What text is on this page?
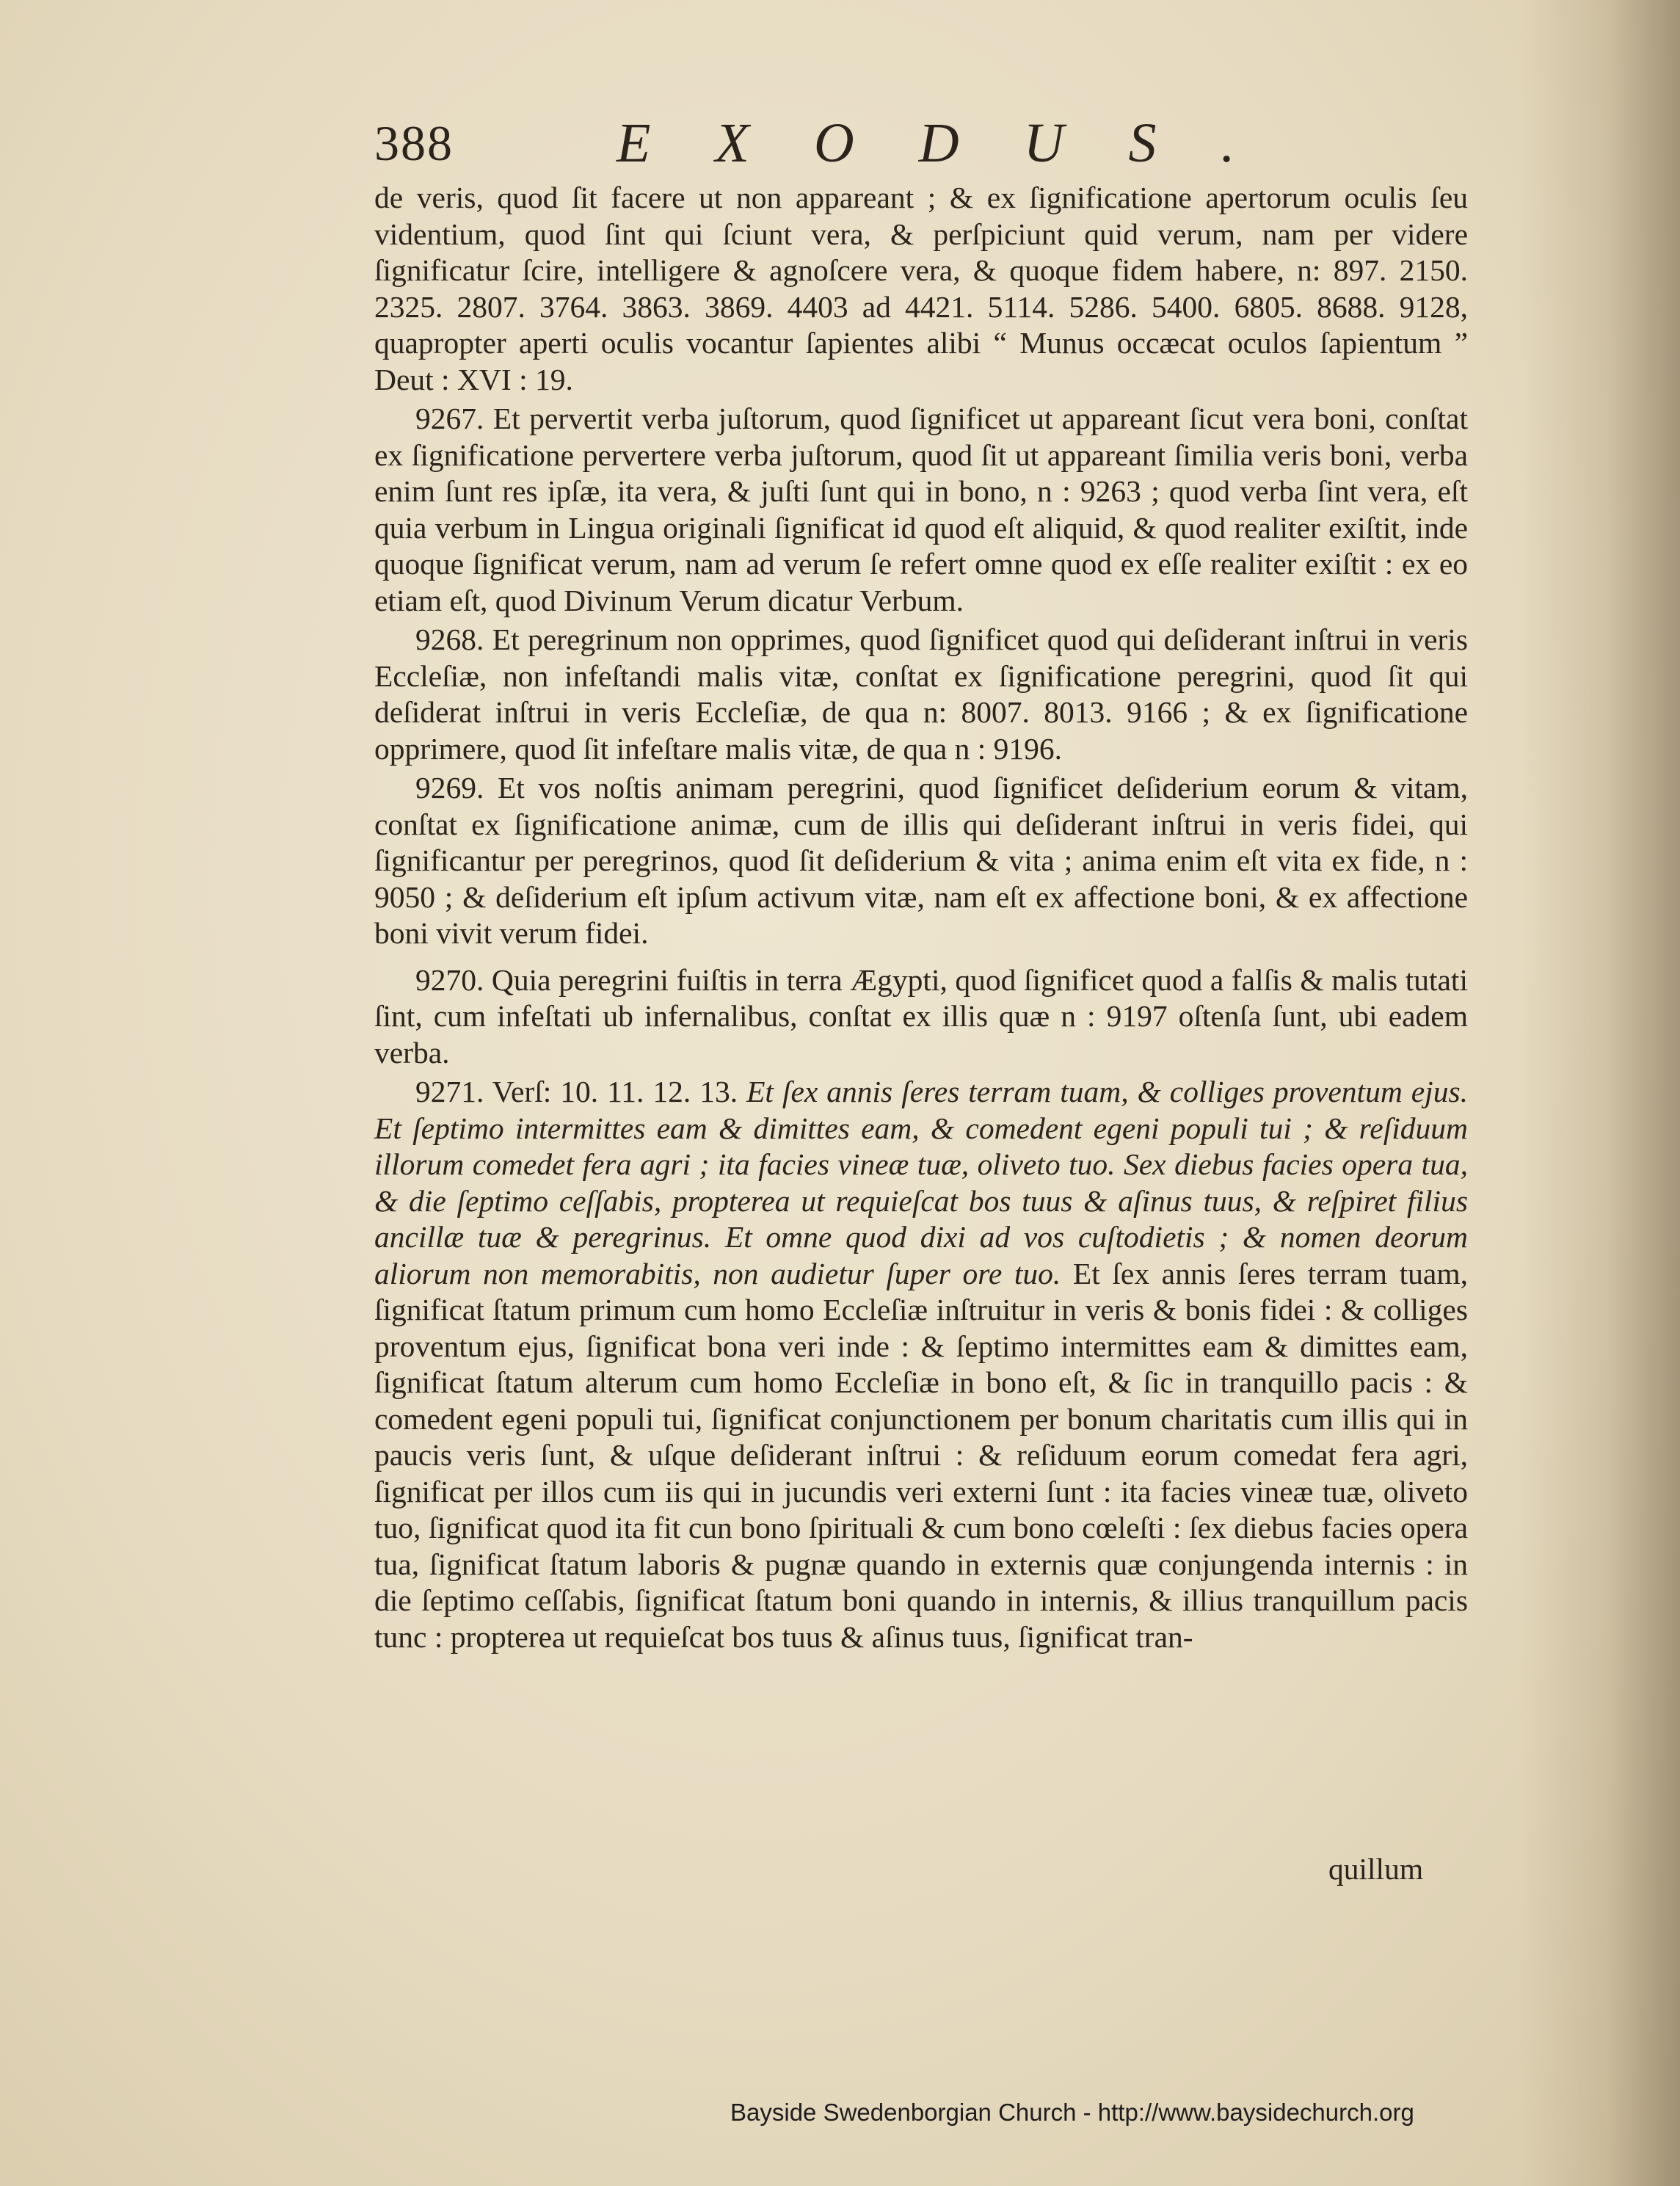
388	EXODUS.

de veris, quod ſit facere ut non appareant ; & ex ſignificatione apertorum oculis ſeu videntium, quod ſint qui ſciunt vera, & perſpiciunt quid verum, nam per videre ſignificatur ſcire, intelligere & agnoſcere vera, & quoque fidem habere, n: 897. 2150. 2325. 2807. 3764. 3863. 3869. 4403 ad 4421. 5114. 5286. 5400. 6805. 8688. 9128, quapropter aperti oculis vocantur ſapientes alibi “ Munus occæcat oculos ſapientum ” Deut : XVI : 19.

9267. Et pervertit verba juſtorum, quod ſignificet ut appareant ſicut vera boni, conſtat ex ſignificatione pervertere verba juſtorum, quod ſit ut appareant ſimilia veris boni, verba enim ſunt res ipſæ, ita vera, & juſti ſunt qui in bono, n : 9263 ; quod verba ſint vera, eſt quia verbum in Lingua originali ſignificat id quod eſt aliquid, & quod realiter exiſtit, inde quoque ſignificat verum, nam ad verum ſe refert omne quod ex eſſe realiter exiſtit : ex eo etiam eſt, quod Divinum Verum dicatur Verbum.

9268. Et peregrinum non opprimes, quod ſignificet quod qui deſiderant inſtrui in veris Eccleſiæ, non infeſtandi malis vitæ, conſtat ex ſignificatione peregrini, quod ſit qui deſiderat inſtrui in veris Eccleſiæ, de qua n: 8007. 8013. 9166 ; & ex ſignificatione opprimere, quod ſit infeſtare malis vitæ, de qua n : 9196.

9269. Et vos noſtis animam peregrini, quod ſignificet deſiderium eorum & vitam, conſtat ex ſignificatione animæ, cum de illis qui deſiderant inſtrui in veris fidei, qui ſignificantur per peregrinos, quod ſit deſiderium & vita ; anima enim eſt vita ex fide, n : 9050 ; & deſiderium eſt ipſum activum vitæ, nam eſt ex affectione boni, & ex affectione boni vivit verum fidei.

9270. Quia peregrini fuiſtis in terra Ægypti, quod ſignificet quod a falſis & malis tutati ſint, cum infeſtati ub infernalibus, conſtat ex illis quæ n : 9197 oſtenſa ſunt, ubi eadem verba.

9271. Verſ: 10. 11. 12. 13. Et ſex annis ſeres terram tuam, & colliges proventum ejus. Et ſeptimo intermittes eam & dimittes eam, & comedent egeni populi tui ; & reſiduum illorum comedet fera agri ; ita facies vineæ tuæ, oliveto tuo. Sex diebus facies opera tua, & die ſeptimo ceſſabis, propterea ut requieſcat bos tuus & aſinus tuus, & reſpiret filius ancillæ tuæ & peregrinus. Et omne quod dixi ad vos cuſtodietis ; & nomen deorum aliorum non memorabitis, non audietur ſuper ore tuo. Et ſex annis ſeres terram tuam, ſignificat ſtatum primum cum homo Eccleſiæ inſtruitur in veris & bonis fidei : & colliges proventum ejus, ſignificat bona veri inde : & ſeptimo intermittes eam & dimittes eam, ſignificat ſtatum alterum cum homo Eccleſiæ in bono eſt, & ſic in tranquillo pacis : & comedent egeni populi tui, ſignificat conjunctionem per bonum charitatis cum illis qui in paucis veris ſunt, & uſque deſiderant inſtrui : & reſiduum eorum comedat fera agri, ſignificat per illos cum iis qui in jucundis veri externi ſunt : ita facies vineæ tuæ, oliveto tuo, ſignificat quod ita fit cun bono ſpirituali & cum bono cœleſti : ſex diebus facies opera tua, ſignificat ſtatum laboris & pugnæ quando in externis quæ conjungenda internis : in die ſeptimo ceſſabis, ſignificat ſtatum boni quando in internis, & illius tranquillum pacis tunc : propterea ut requieſcat bos tuus & aſinus tuus, ſignificat tran-

quillum
Bayside Swedenborgian Church - http://www.baysidechurch.org
